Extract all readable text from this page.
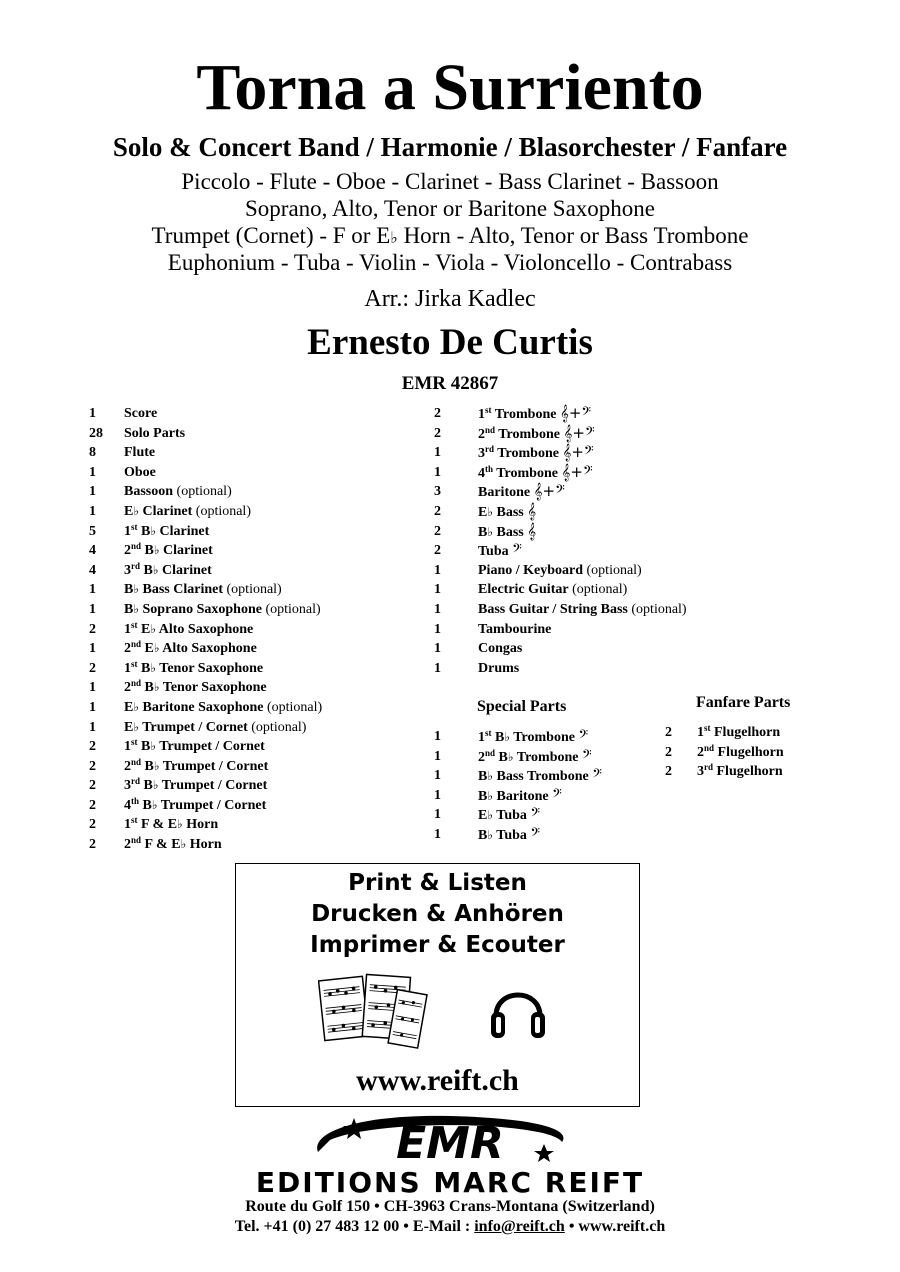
Torna a Surriento
Solo & Concert Band / Harmonie / Blasorchester / Fanfare
Piccolo - Flute - Oboe - Clarinet - Bass Clarinet - Bassoon
Soprano, Alto, Tenor or Baritone Saxophone
Trumpet (Cornet) - F or E♭ Horn - Alto, Tenor or Bass Trombone
Euphonium - Tuba - Violin - Viola - Violoncello - Contrabass
Arr.: Jirka Kadlec
Ernesto De Curtis
EMR 42867
1 Score
28 Solo Parts
8 Flute
1 Oboe
1 Bassoon (optional)
1 E♭ Clarinet (optional)
5 1st B♭ Clarinet
4 2nd B♭ Clarinet
4 3rd B♭ Clarinet
1 B♭ Bass Clarinet (optional)
1 B♭ Soprano Saxophone (optional)
2 1st E♭ Alto Saxophone
1 2nd E♭ Alto Saxophone
2 1st B♭ Tenor Saxophone
1 2nd B♭ Tenor Saxophone
1 E♭ Baritone Saxophone (optional)
1 E♭ Trumpet / Cornet (optional)
2 1st B♭ Trumpet / Cornet
2 2nd B♭ Trumpet / Cornet
2 3rd B♭ Trumpet / Cornet
2 4th B♭ Trumpet / Cornet
2 1st F & E♭ Horn
2 2nd F & E♭ Horn
2	1st Trombone 𝄞+𝄢
2	2nd Trombone 𝄞+𝄢
1	3rd Trombone 𝄞+𝄢
1	4th Trombone 𝄞+𝄢
3	Baritone 𝄞+𝄢
2	E♭ Bass 𝄞
2	B♭ Bass 𝄞
2	Tuba 𝄢
1	Piano / Keyboard (optional)
1	Electric Guitar (optional)
1	Bass Guitar / String Bass (optional)
1	Tambourine
1	Congas
1	Drums
Special Parts
1	1st B♭ Trombone 𝄢
1	2nd B♭ Trombone 𝄢
1	B♭ Bass Trombone 𝄢
1	B♭ Baritone 𝄢
1	E♭ Tuba 𝄢
1	B♭ Tuba 𝄢
Fanfare Parts
2 1st Flugelhorn
2 2nd Flugelhorn
2 3rd Flugelhorn
Print & Listen
Drucken & Anhören
Imprimer & Ecouter
www.reift.ch
EMR
EDITIONS MARC REIFT
Route du Golf 150 • CH-3963 Crans-Montana (Switzerland)
Tel. +41 (0) 27 483 12 00 • E-Mail : info@reift.ch • www.reift.ch
